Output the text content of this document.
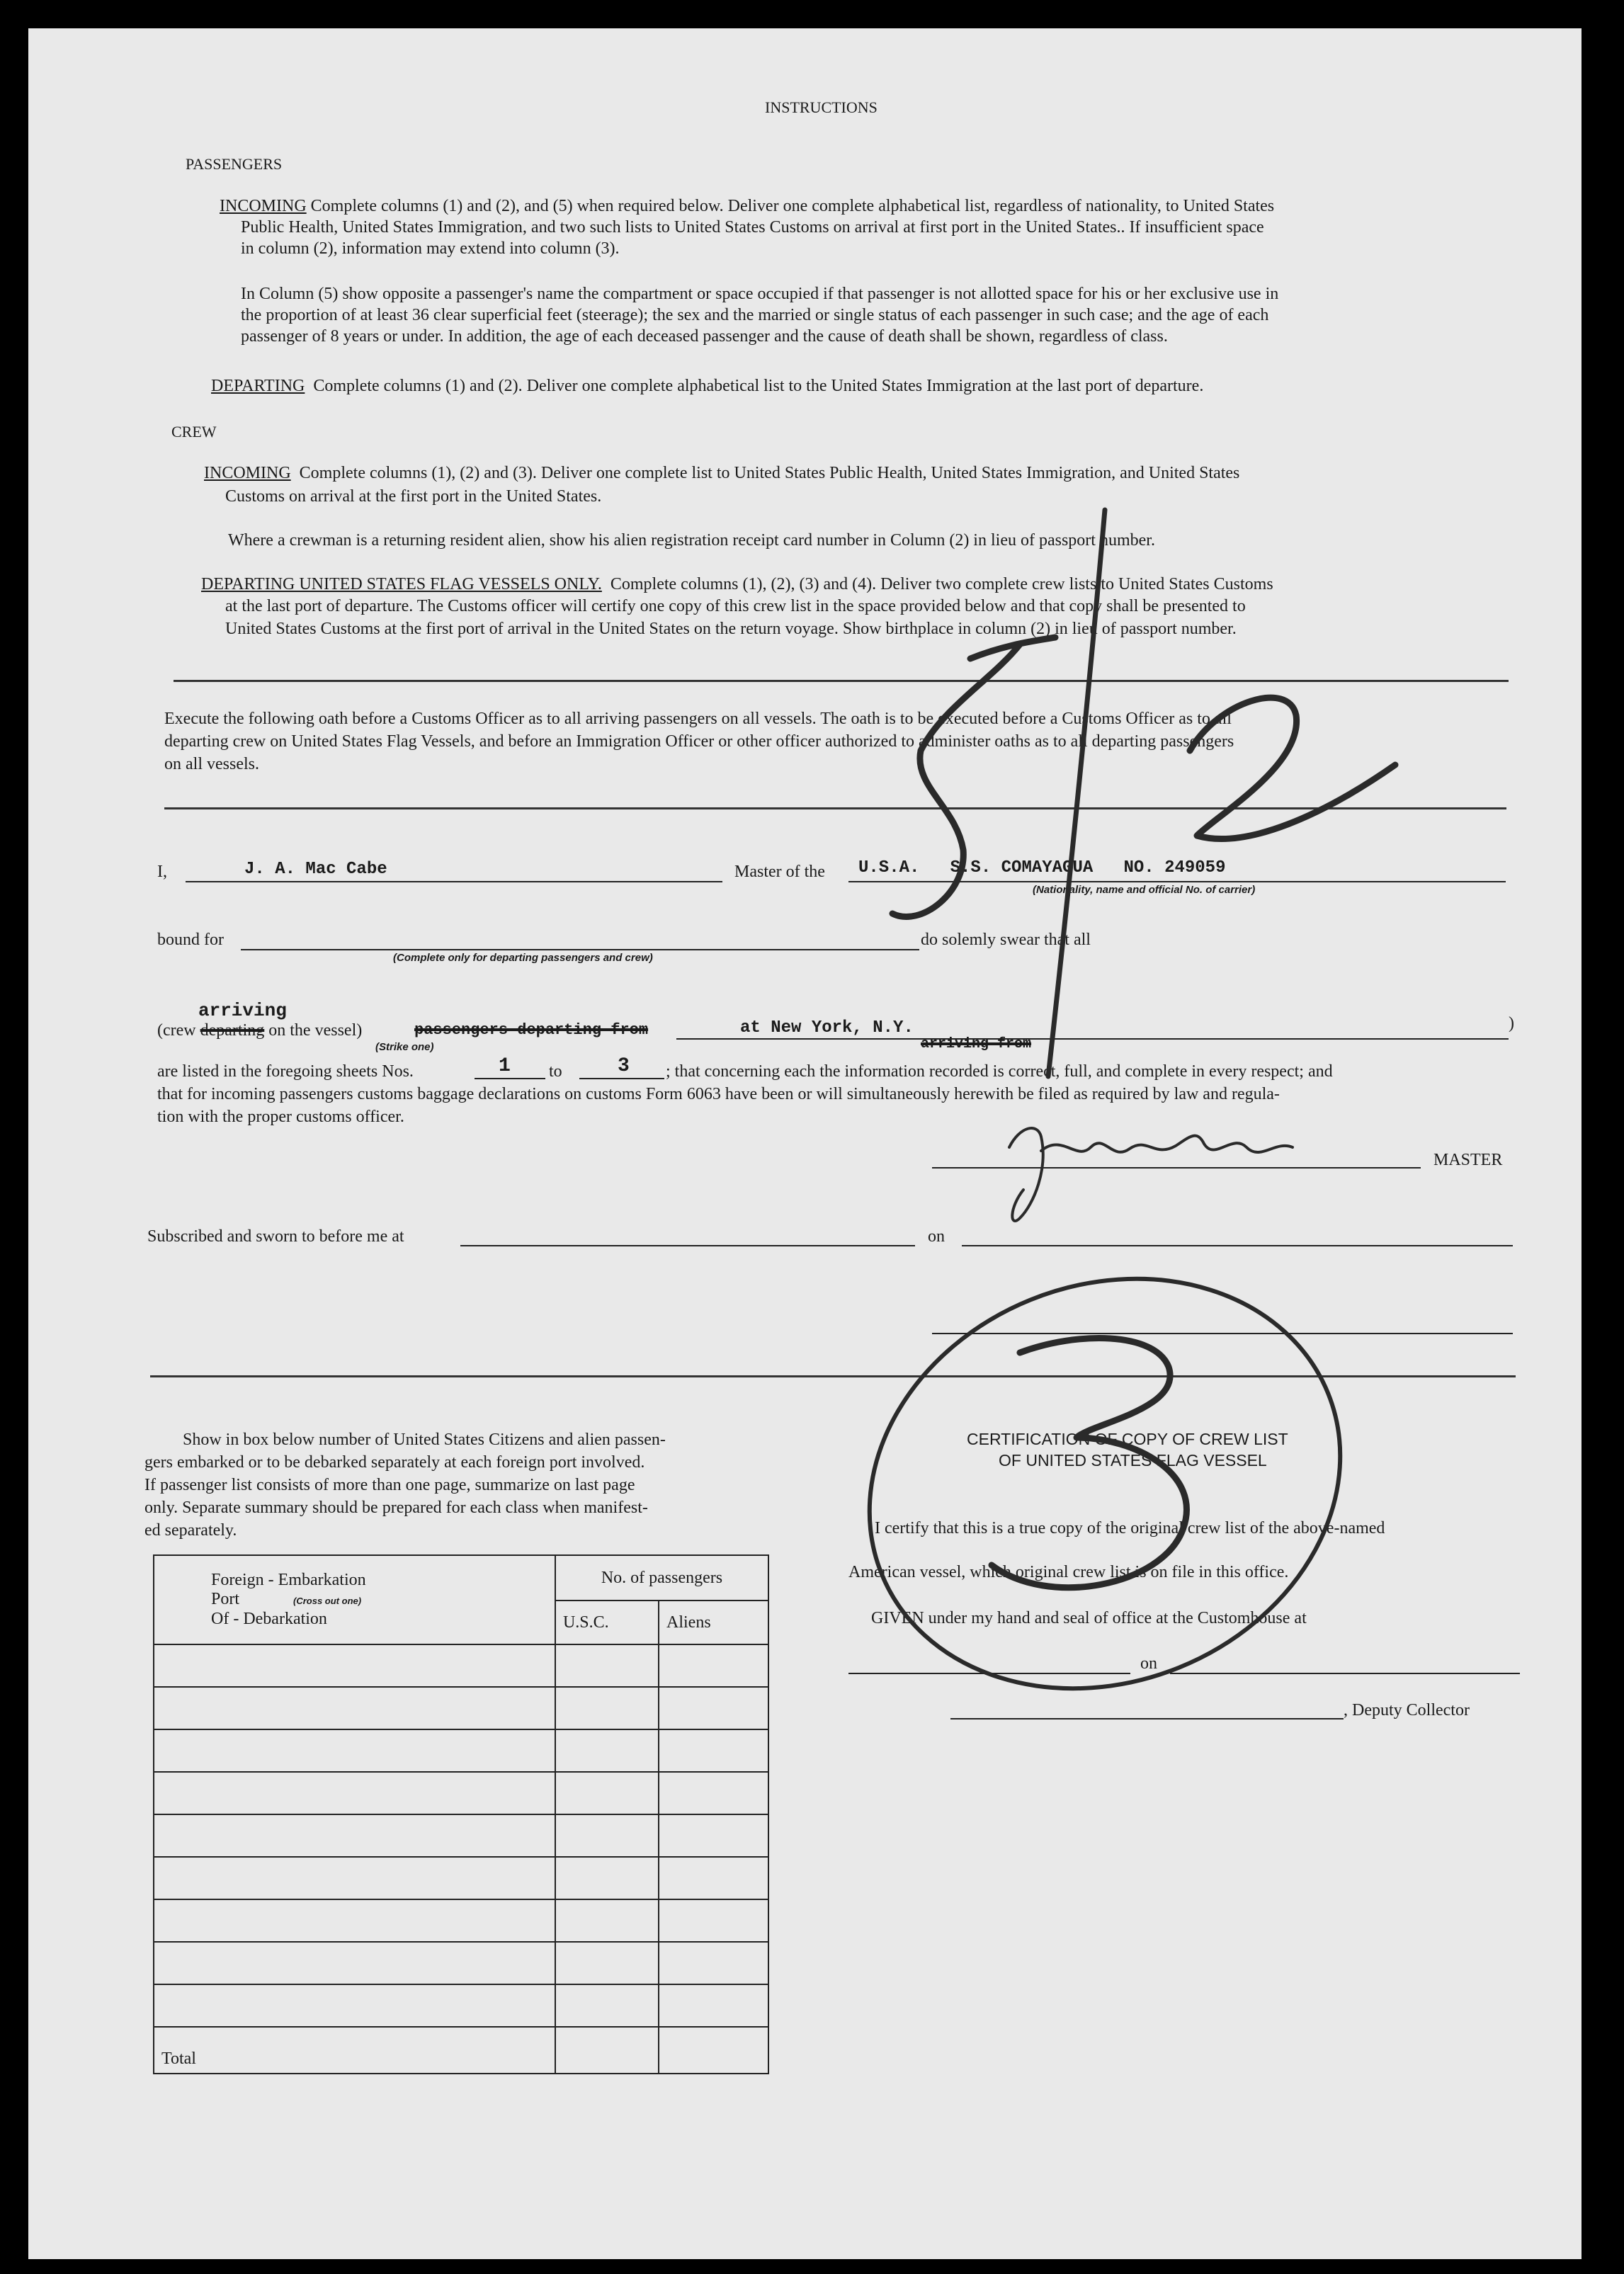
INSTRUCTIONS
PASSENGERS
INCOMING Complete columns (1) and (2), and (5) when required below. Deliver one complete alphabetical list, regardless of nationality, to United States
Public Health, United States Immigration, and two such lists to United States Customs on arrival at first port in the United States.. If insufficient space
in column (2), information may extend into column (3).
In Column (5) show opposite a passenger's name the compartment or space occupied if that passenger is not allotted space for his or her exclusive use in
the proportion of at least 36 clear superficial feet (steerage); the sex and the married or single status of each passenger in such case; and the age of each
passenger of 8 years or under. In addition, the age of each deceased passenger and the cause of death shall be shown, regardless of class.
DEPARTING Complete columns (1) and (2). Deliver one complete alphabetical list to the United States Immigration at the last port of departure.
CREW
INCOMING Complete columns (1), (2) and (3). Deliver one complete list to United States Public Health, United States Immigration, and United States
Customs on arrival at the first port in the United States.
Where a crewman is a returning resident alien, show his alien registration receipt card number in Column (2) in lieu of passport number.
DEPARTING UNITED STATES FLAG VESSELS ONLY. Complete columns (1), (2), (3) and (4). Deliver two complete crew lists to United States Customs
at the last port of departure. The Customs officer will certify one copy of this crew list in the space provided below and that copy shall be presented to
United States Customs at the first port of arrival in the United States on the return voyage. Show birthplace in column (2) in lieu of passport number.
Execute the following oath before a Customs Officer as to all arriving passengers on all vessels. The oath is to be executed before a Customs Officer as to all
departing crew on United States Flag Vessels, and before an Immigration Officer or other officer authorized to administer oaths as to all departing passengers
on all vessels.
I,	J. A. Mac Cabe	Master of the U.S.A.   S.S. COMAYAGUA   NO. 249059
(Nationality, name and official No. of carrier)
bound for
(Complete only for departing passengers and crew)
do solemly swear that all
arriving
(crew departing on the vessel)	passengers departing from
(Strike one)
at New York, N.Y.
arriving from
)
are listed in the foregoing sheets Nos.	1 to	3 ; that concerning each the information recorded is correct, full, and complete in every respect; and
that for incoming passengers customs baggage declarations on customs Form 6063 have been or will simultaneously herewith be filed as required by law and regula-
tion with the proper customs officer.
MASTER
Subscribed and sworn to before me at	on
Show in box below number of United States Citizens and alien passen-
gers embarked or to be debarked separately at each foreign port involved.
If passenger list consists of more than one page, summarize on last page
only. Separate summary should be prepared for each class when manifest-
ed separately.
Foreign - Embarkation
Port (Cross out one)
Of - Debarkation	No. of passengers	
	U.S.C.	Aliens

Total		
CERTIFICATION OF COPY OF CREW LIST
OF UNITED STATES FLAG VESSEL
I certify that this is a true copy of the original crew list of the above-named
American vessel, which original crew list is on file in this office.
GIVEN under my hand and seal of office at the Customhouse at
on
, Deputy Collector
